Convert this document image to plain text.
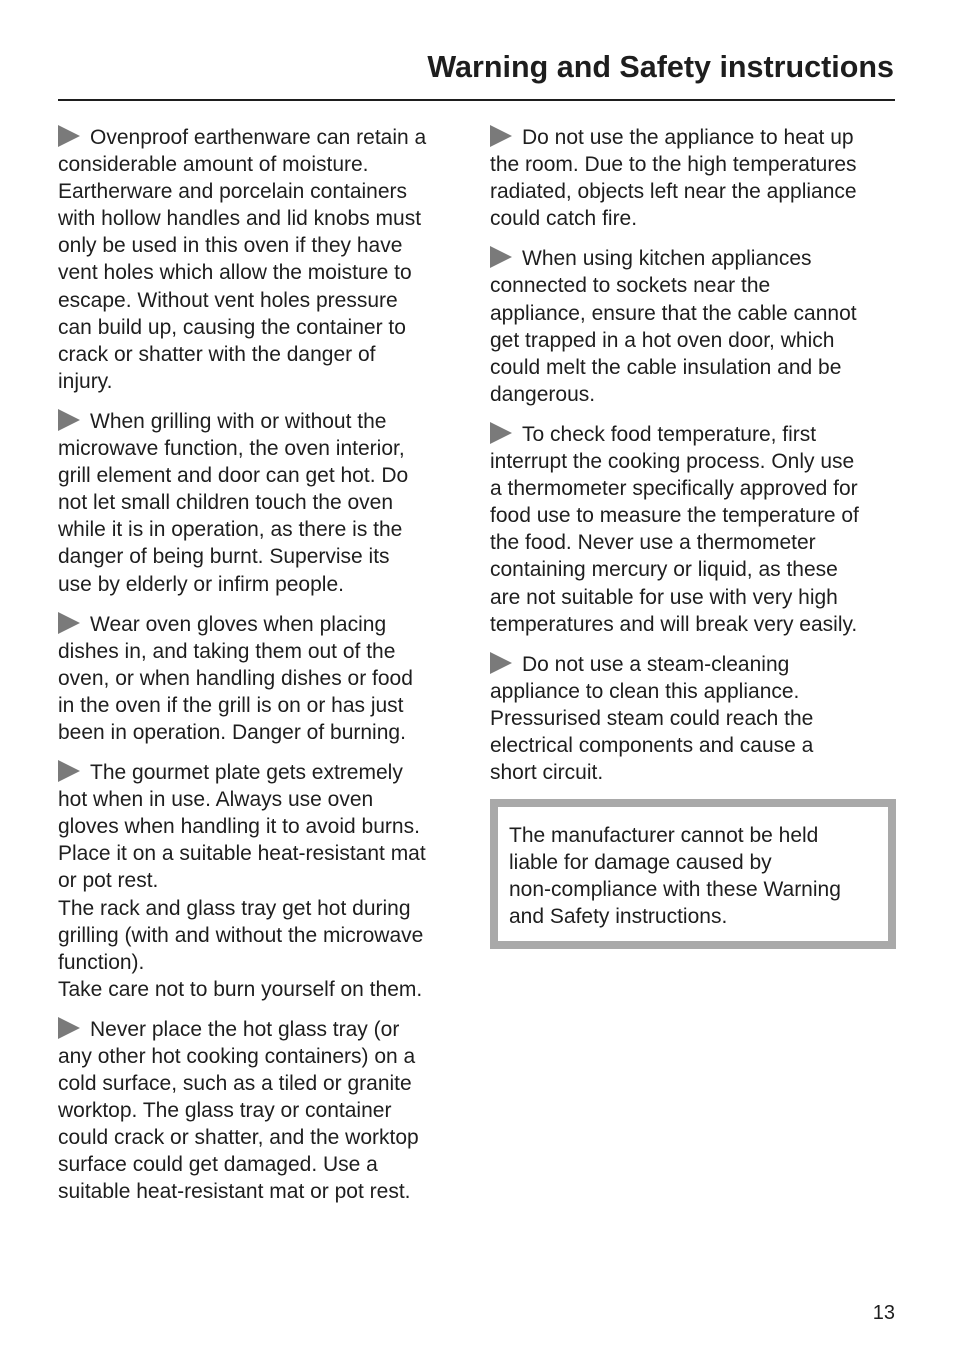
Warning and Safety instructions

Ovenproof earthenware can retain a
considerable amount of moisture.
Eartherware and porcelain containers
with hollow handles and lid knobs must
only be used in this oven if they have
vent holes which allow the moisture to
escape. Without vent holes pressure
can build up, causing the container to
crack or shatter with the danger of
injury.

When grilling with or without the
microwave function, the oven interior,
grill element and door can get hot. Do
not let small children touch the oven
while it is in operation, as there is the
danger of being burnt. Supervise its
use by elderly or infirm people.

Wear oven gloves when placing
dishes in, and taking them out of the
oven, or when handling dishes or food
in the oven if the grill is on or has just
been in operation. Danger of burning.

The gourmet plate gets extremely
hot when in use. Always use oven
gloves when handling it to avoid burns.
Place it on a suitable heat-resistant mat
or pot rest.
The rack and glass tray get hot during
grilling (with and without the microwave
function).
Take care not to burn yourself on them.

Never place the hot glass tray (or
any other hot cooking containers) on a
cold surface, such as a tiled or granite
worktop. The glass tray or container
could crack or shatter, and the worktop
surface could get damaged. Use a
suitable heat-resistant mat or pot rest.

Do not use the appliance to heat up
the room. Due to the high temperatures
radiated, objects left near the appliance
could catch fire.

When using kitchen appliances
connected to sockets near the
appliance, ensure that the cable cannot
get trapped in a hot oven door, which
could melt the cable insulation and be
dangerous.

To check food temperature, first
interrupt the cooking process. Only use
a thermometer specifically approved for
food use to measure the temperature of
the food. Never use a thermometer
containing mercury or liquid, as these
are not suitable for use with very high
temperatures and will break very easily.

Do not use a steam-cleaning
appliance to clean this appliance.
Pressurised steam could reach the
electrical components and cause a
short circuit.

The manufacturer cannot be held
liable for damage caused by
non-compliance with these Warning
and Safety instructions.
13
